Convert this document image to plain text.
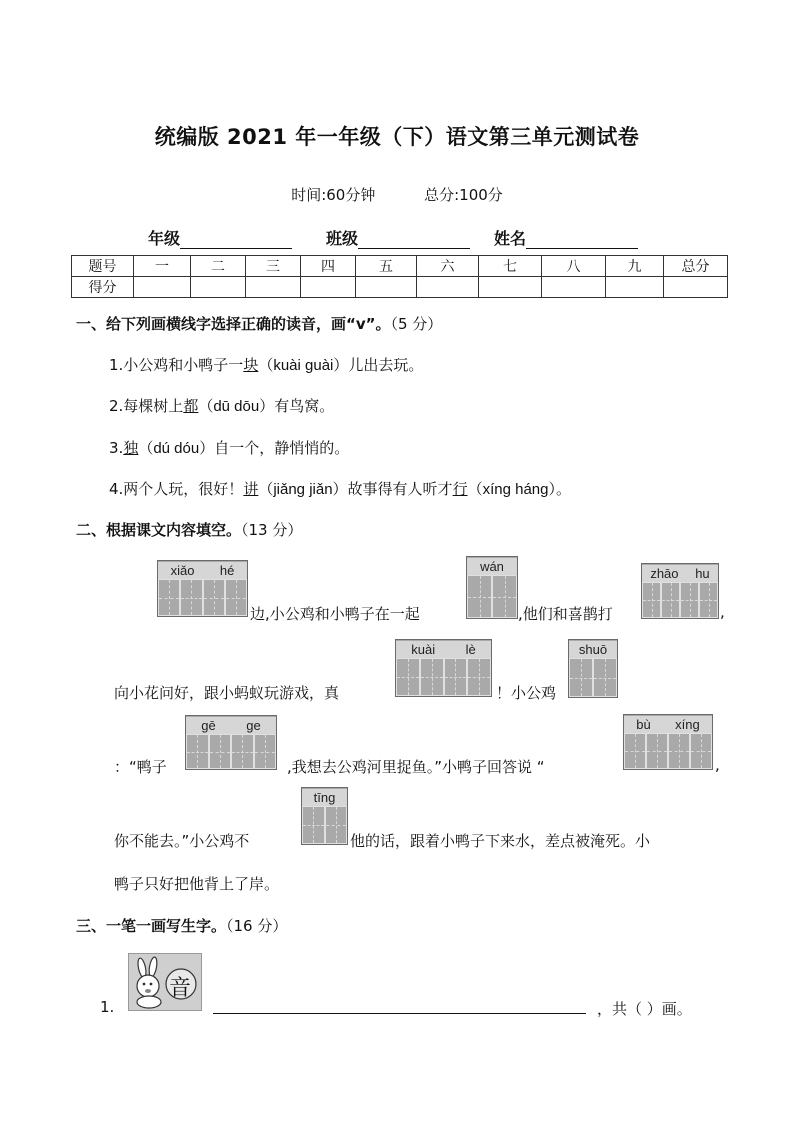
统编版 2021 年一年级（下）语文第三单元测试卷
时间:60分钟	总分:100分
年级	班级	姓名
题号	一	二	三	四	五	六	七	八	九	总分
得分										
一、给下列画横线字选择正确的读音，画“v”。（5 分）
1.小公鸡和小鸭子一块（kuài guài）儿出去玩。
2.每棵树上都（dū dōu）有鸟窝。
3.独（dú dóu）自一个，静悄悄的。
4.两个人玩，很好！讲（jiǎng jiǎn）故事得有人听才行（xíng háng）。
二、根据课文内容填空。（13 分）
xiǎo hé
边,小公鸡和小鸭子在一起
wán
,他们和喜鹊打
zhāo hu
,
向小花问好，跟小蚂蚁玩游戏，真
kuài lè
！小公鸡
shuō
：“鸭子
gē ge
,我想去公鸡河里捉鱼。”小鸭子回答说 “
bù xíng
,
你不能去。”小公鸡不
tīng
他的话，跟着小鸭子下来水，差点被淹死。小
鸭子只好把他背上了岸。
三、一笔一画写生字。（16 分）
1.
音
，共（ ）画。
